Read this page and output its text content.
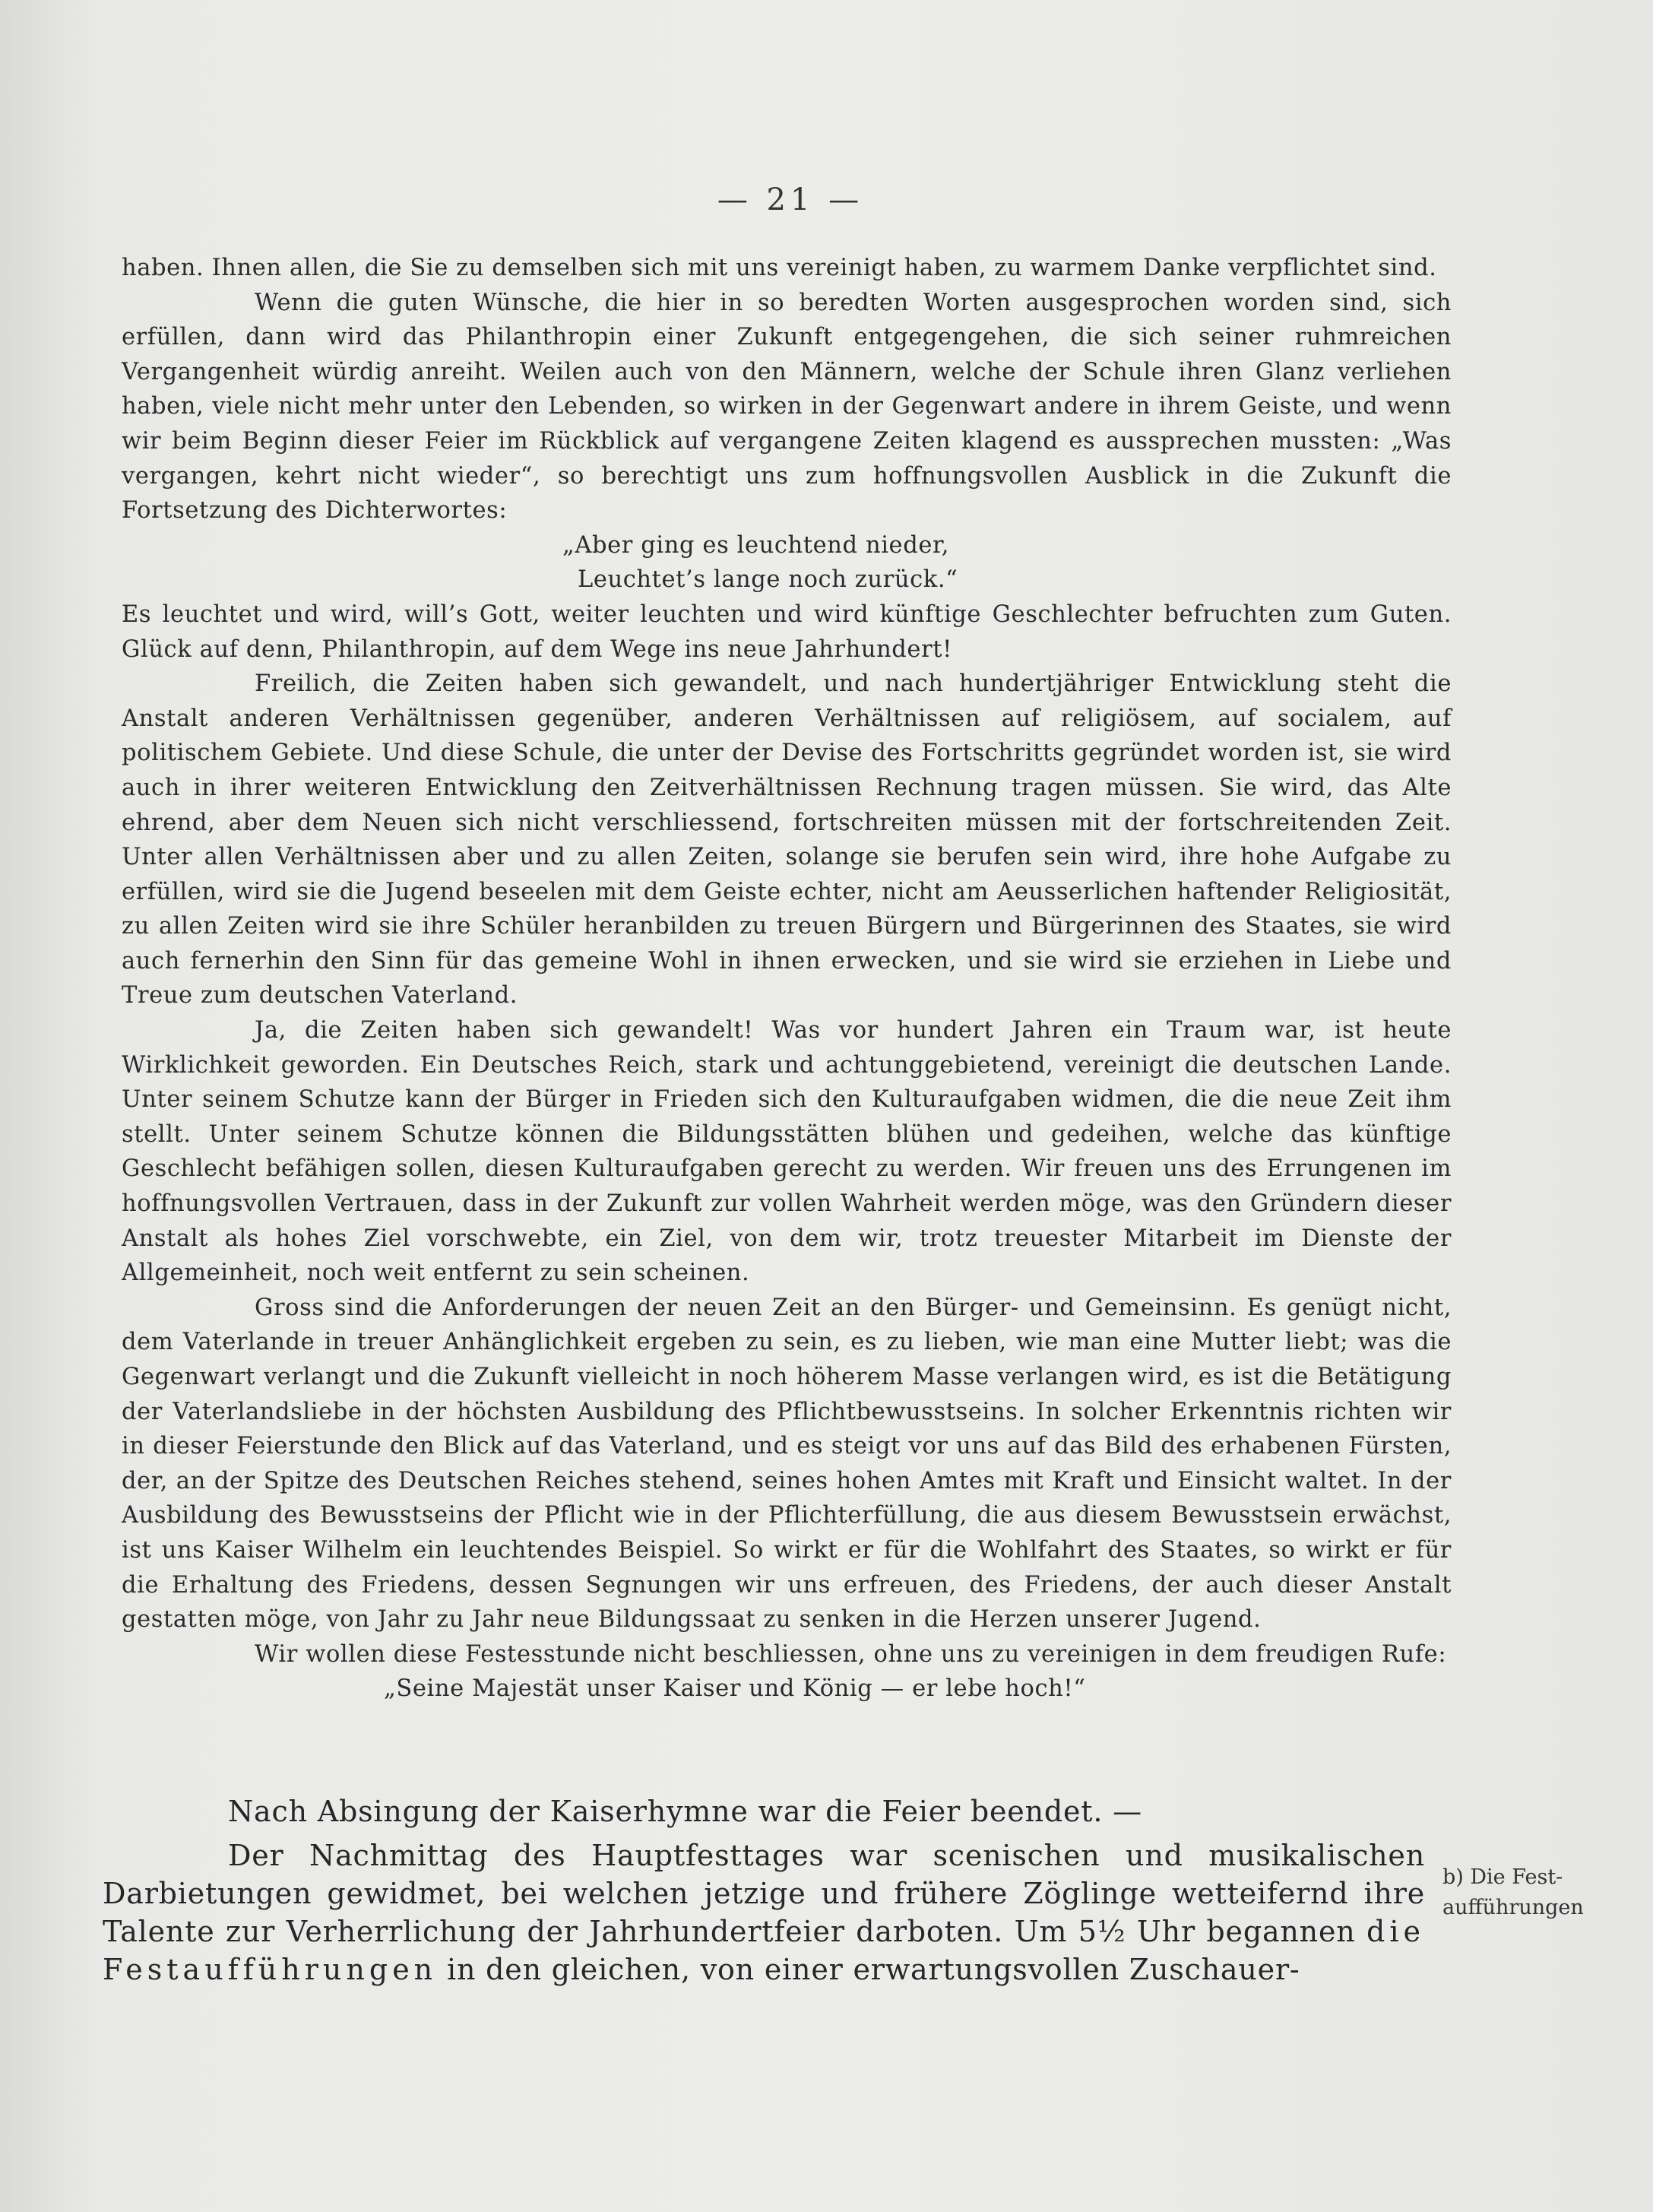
— 21 —

haben. Ihnen allen, die Sie zu demselben sich mit uns vereinigt haben, zu warmem Danke verpflichtet sind.

Wenn die guten Wünsche, die hier in so beredten Worten ausgesprochen worden sind, sich erfüllen, dann wird das Philanthropin einer Zukunft entgegengehen, die sich seiner ruhmreichen Vergangenheit würdig anreiht. Weilen auch von den Männern, welche der Schule ihren Glanz verliehen haben, viele nicht mehr unter den Lebenden, so wirken in der Gegenwart andere in ihrem Geiste, und wenn wir beim Beginn dieser Feier im Rückblick auf vergangene Zeiten klagend es aussprechen mussten: „Was vergangen, kehrt nicht wieder“, so berechtigt uns zum hoffnungsvollen Ausblick in die Zukunft die Fortsetzung des Dichterwortes:

„Aber ging es leuchtend nieder,
Leuchtet’s lange noch zurück.“

Es leuchtet und wird, will’s Gott, weiter leuchten und wird künftige Geschlechter befruchten zum Guten. Glück auf denn, Philanthropin, auf dem Wege ins neue Jahrhundert!

Freilich, die Zeiten haben sich gewandelt, und nach hundertjähriger Entwicklung steht die Anstalt anderen Verhältnissen gegenüber, anderen Verhältnissen auf religiösem, auf socialem, auf politischem Gebiete. Und diese Schule, die unter der Devise des Fortschritts gegründet worden ist, sie wird auch in ihrer weiteren Entwicklung den Zeitverhältnissen Rechnung tragen müssen. Sie wird, das Alte ehrend, aber dem Neuen sich nicht verschliessend, fortschreiten müssen mit der fortschreitenden Zeit. Unter allen Verhältnissen aber und zu allen Zeiten, solange sie berufen sein wird, ihre hohe Aufgabe zu erfüllen, wird sie die Jugend beseelen mit dem Geiste echter, nicht am Aeusserlichen haftender Religiosität, zu allen Zeiten wird sie ihre Schüler heranbilden zu treuen Bürgern und Bürgerinnen des Staates, sie wird auch fernerhin den Sinn für das gemeine Wohl in ihnen erwecken, und sie wird sie erziehen in Liebe und Treue zum deutschen Vaterland.

Ja, die Zeiten haben sich gewandelt! Was vor hundert Jahren ein Traum war, ist heute Wirklichkeit geworden. Ein Deutsches Reich, stark und achtunggebietend, vereinigt die deutschen Lande. Unter seinem Schutze kann der Bürger in Frieden sich den Kulturaufgaben widmen, die die neue Zeit ihm stellt. Unter seinem Schutze können die Bildungsstätten blühen und gedeihen, welche das künftige Geschlecht befähigen sollen, diesen Kulturaufgaben gerecht zu werden. Wir freuen uns des Errungenen im hoffnungsvollen Vertrauen, dass in der Zukunft zur vollen Wahrheit werden möge, was den Gründern dieser Anstalt als hohes Ziel vorschwebte, ein Ziel, von dem wir, trotz treuester Mitarbeit im Dienste der Allgemeinheit, noch weit entfernt zu sein scheinen.

Gross sind die Anforderungen der neuen Zeit an den Bürger- und Gemeinsinn. Es genügt nicht, dem Vaterlande in treuer Anhänglichkeit ergeben zu sein, es zu lieben, wie man eine Mutter liebt; was die Gegenwart verlangt und die Zukunft vielleicht in noch höherem Masse verlangen wird, es ist die Betätigung der Vaterlandsliebe in der höchsten Ausbildung des Pflichtbewusstseins. In solcher Erkenntnis richten wir in dieser Feierstunde den Blick auf das Vaterland, und es steigt vor uns auf das Bild des erhabenen Fürsten, der, an der Spitze des Deutschen Reiches stehend, seines hohen Amtes mit Kraft und Einsicht waltet. In der Ausbildung des Bewusstseins der Pflicht wie in der Pflichterfüllung, die aus diesem Bewusstsein erwächst, ist uns Kaiser Wilhelm ein leuchtendes Beispiel. So wirkt er für die Wohlfahrt des Staates, so wirkt er für die Erhaltung des Friedens, dessen Segnungen wir uns erfreuen, des Friedens, der auch dieser Anstalt gestatten möge, von Jahr zu Jahr neue Bildungssaat zu senken in die Herzen unserer Jugend.

Wir wollen diese Festesstunde nicht beschliessen, ohne uns zu vereinigen in dem freudigen Rufe:

„Seine Majestät unser Kaiser und König — er lebe hoch!“

Nach Absingung der Kaiserhymne war die Feier beendet. —

Der Nachmittag des Hauptfesttages war scenischen und musikalischen Darbietungen gewidmet, bei welchen jetzige und frühere Zöglinge wetteifernd ihre Talente zur Verherrlichung der Jahrhundertfeier darboten. Um 5½ Uhr begannen die Festaufführungen in den gleichen, von einer erwartungsvollen Zuschauer-

b) Die Fest-
aufführungen
